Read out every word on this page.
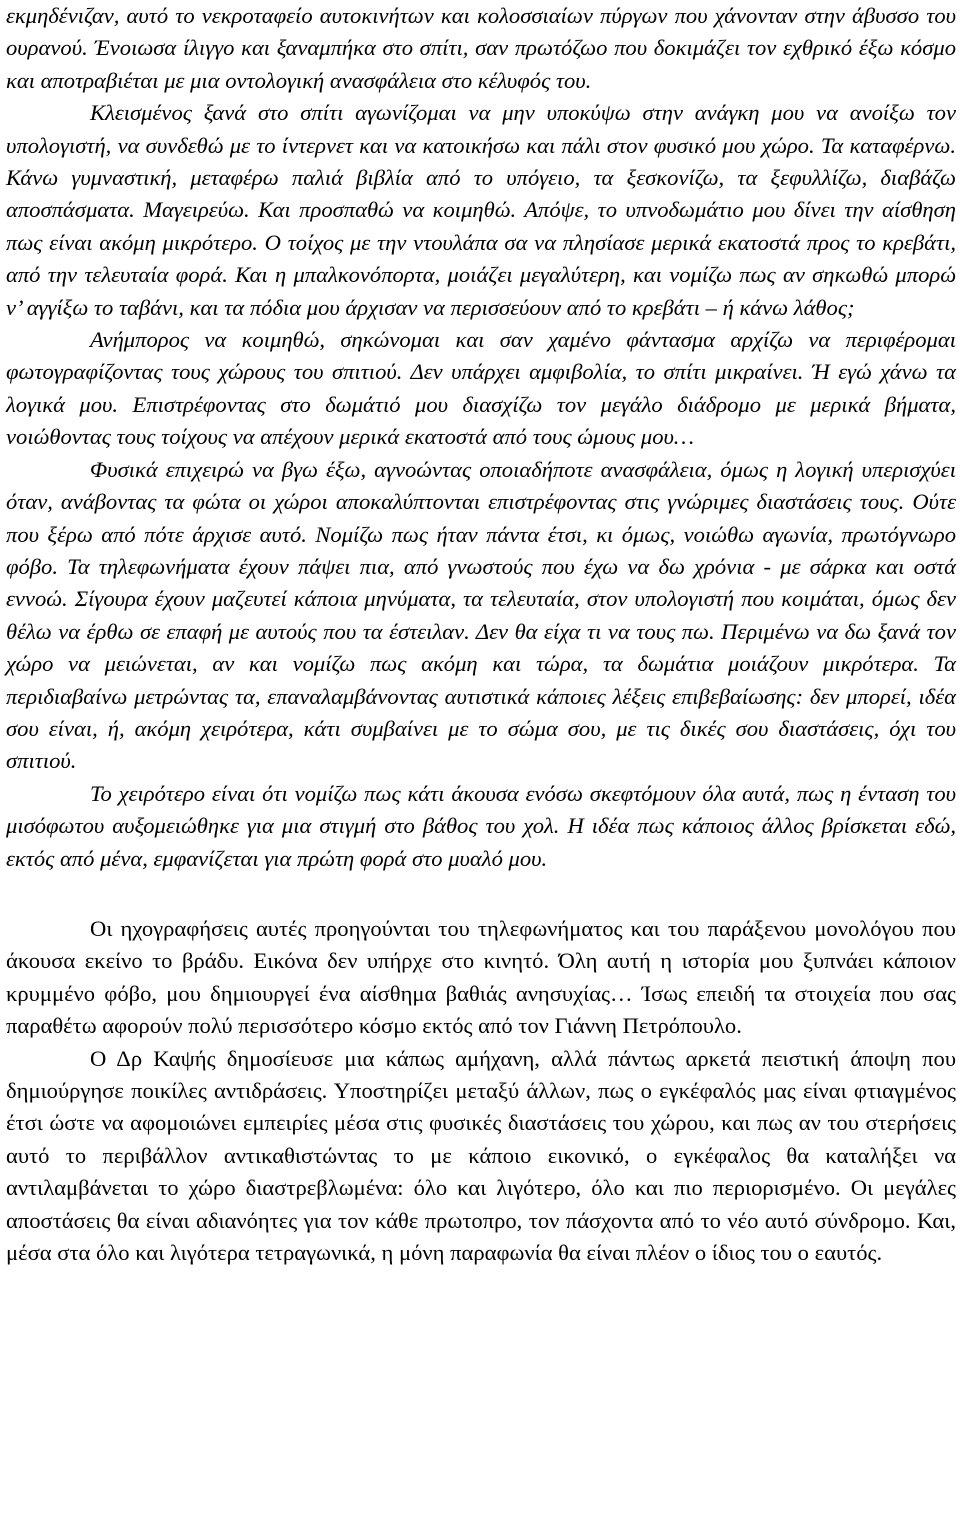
εκμηδένιζαν, αυτό το νεκροταφείο αυτοκινήτων και κολοσσιαίων πύργων που χάνονταν στην άβυσσο του ουρανού. Ένοιωσα ίλιγγο και ξαναμπήκα στο σπίτι, σαν πρωτόζωο που δοκιμάζει τον εχθρικό έξω κόσμο και αποτραβιέται με μια οντολογική ανασφάλεια στο κέλυφός του.

Κλεισμένος ξανά στο σπίτι αγωνίζομαι να μην υποκύψω στην ανάγκη μου να ανοίξω τον υπολογιστή, να συνδεθώ με το ίντερνετ και να κατοικήσω και πάλι στον φυσικό μου χώρο. Τα καταφέρνω. Κάνω γυμναστική, μεταφέρω παλιά βιβλία από το υπόγειο, τα ξεσκονίζω, τα ξεφυλλίζω, διαβάζω αποσπάσματα. Μαγειρεύω. Και προσπαθώ να κοιμηθώ. Απόψε, το υπνοδωμάτιο μου δίνει την αίσθηση πως είναι ακόμη μικρότερο. Ο τοίχος με την ντουλάπα σα να πλησίασε μερικά εκατοστά προς το κρεβάτι, από την τελευταία φορά. Και η μπαλκονόπορτα, μοιάζει μεγαλύτερη, και νομίζω πως αν σηκωθώ μπορώ ν’ αγγίξω το ταβάνι, και τα πόδια μου άρχισαν να περισσεύουν από το κρεβάτι – ή κάνω λάθος;

Ανήμπορος να κοιμηθώ, σηκώνομαι και σαν χαμένο φάντασμα αρχίζω να περιφέρομαι φωτογραφίζοντας τους χώρους του σπιτιού. Δεν υπάρχει αμφιβολία, το σπίτι μικραίνει. Ή εγώ χάνω τα λογικά μου. Επιστρέφοντας στο δωμάτιό μου διασχίζω τον μεγάλο διάδρομο με μερικά βήματα, νοιώθοντας τους τοίχους να απέχουν μερικά εκατοστά από τους ώμους μου…

Φυσικά επιχειρώ να βγω έξω, αγνοώντας οποιαδήποτε ανασφάλεια, όμως η λογική υπερισχύει όταν, ανάβοντας τα φώτα οι χώροι αποκαλύπτονται επιστρέφοντας στις γνώριμες διαστάσεις τους. Ούτε που ξέρω από πότε άρχισε αυτό. Νομίζω πως ήταν πάντα έτσι, κι όμως, νοιώθω αγωνία, πρωτόγνωρο φόβο. Τα τηλεφωνήματα έχουν πάψει πια, από γνωστούς που έχω να δω χρόνια - με σάρκα και οστά εννοώ. Σίγουρα έχουν μαζευτεί κάποια μηνύματα, τα τελευταία, στον υπολογιστή που κοιμάται, όμως δεν θέλω να έρθω σε επαφή με αυτούς που τα έστειλαν. Δεν θα είχα τι να τους πω. Περιμένω να δω ξανά τον χώρο να μειώνεται, αν και νομίζω πως ακόμη και τώρα, τα δωμάτια μοιάζουν μικρότερα. Τα περιδιαβαίνω μετρώντας τα, επαναλαμβάνοντας αυτιστικά κάποιες λέξεις επιβεβαίωσης: δεν μπορεί, ιδέα σου είναι, ή, ακόμη χειρότερα, κάτι συμβαίνει με το σώμα σου, με τις δικές σου διαστάσεις, όχι του σπιτιού.

Το χειρότερο είναι ότι νομίζω πως κάτι άκουσα ενόσω σκεφτόμουν όλα αυτά, πως η ένταση του μισόφωτου αυξομειώθηκε για μια στιγμή στο βάθος του χολ. Η ιδέα πως κάποιος άλλος βρίσκεται εδώ, εκτός από μένα, εμφανίζεται για πρώτη φορά στο μυαλό μου.

Οι ηχογραφήσεις αυτές προηγούνται του τηλεφωνήματος και του παράξενου μονολόγου που άκουσα εκείνο το βράδυ. Εικόνα δεν υπήρχε στο κινητό. Όλη αυτή η ιστορία μου ξυπνάει κάποιον κρυμμένο φόβο, μου δημιουργεί ένα αίσθημα βαθιάς ανησυχίας… Ίσως επειδή τα στοιχεία που σας παραθέτω αφορούν πολύ περισσότερο κόσμο εκτός από τον Γιάννη Πετρόπουλο.

Ο Δρ Καψής δημοσίευσε μια κάπως αμήχανη, αλλά πάντως αρκετά πειστική άποψη που δημιούργησε ποικίλες αντιδράσεις. Υποστηρίζει μεταξύ άλλων, πως ο εγκέφαλός μας είναι φτιαγμένος έτσι ώστε να αφομοιώνει εμπειρίες μέσα στις φυσικές διαστάσεις του χώρου, και πως αν του στερήσεις αυτό το περιβάλλον αντικαθιστώντας το με κάποιο εικονικό, ο εγκέφαλος θα καταλήξει να αντιλαμβάνεται το χώρο διαστρεβλωμένα: όλο και λιγότερο, όλο και πιο περιορισμένο. Οι μεγάλες αποστάσεις θα είναι αδιανόητες για τον κάθε πρωτοπρο, τον πάσχοντα από το νέο αυτό σύνδρομο. Και, μέσα στα όλο και λιγότερα τετραγωνικά, η μόνη παραφωνία θα είναι πλέον ο ίδιος του ο εαυτός.
